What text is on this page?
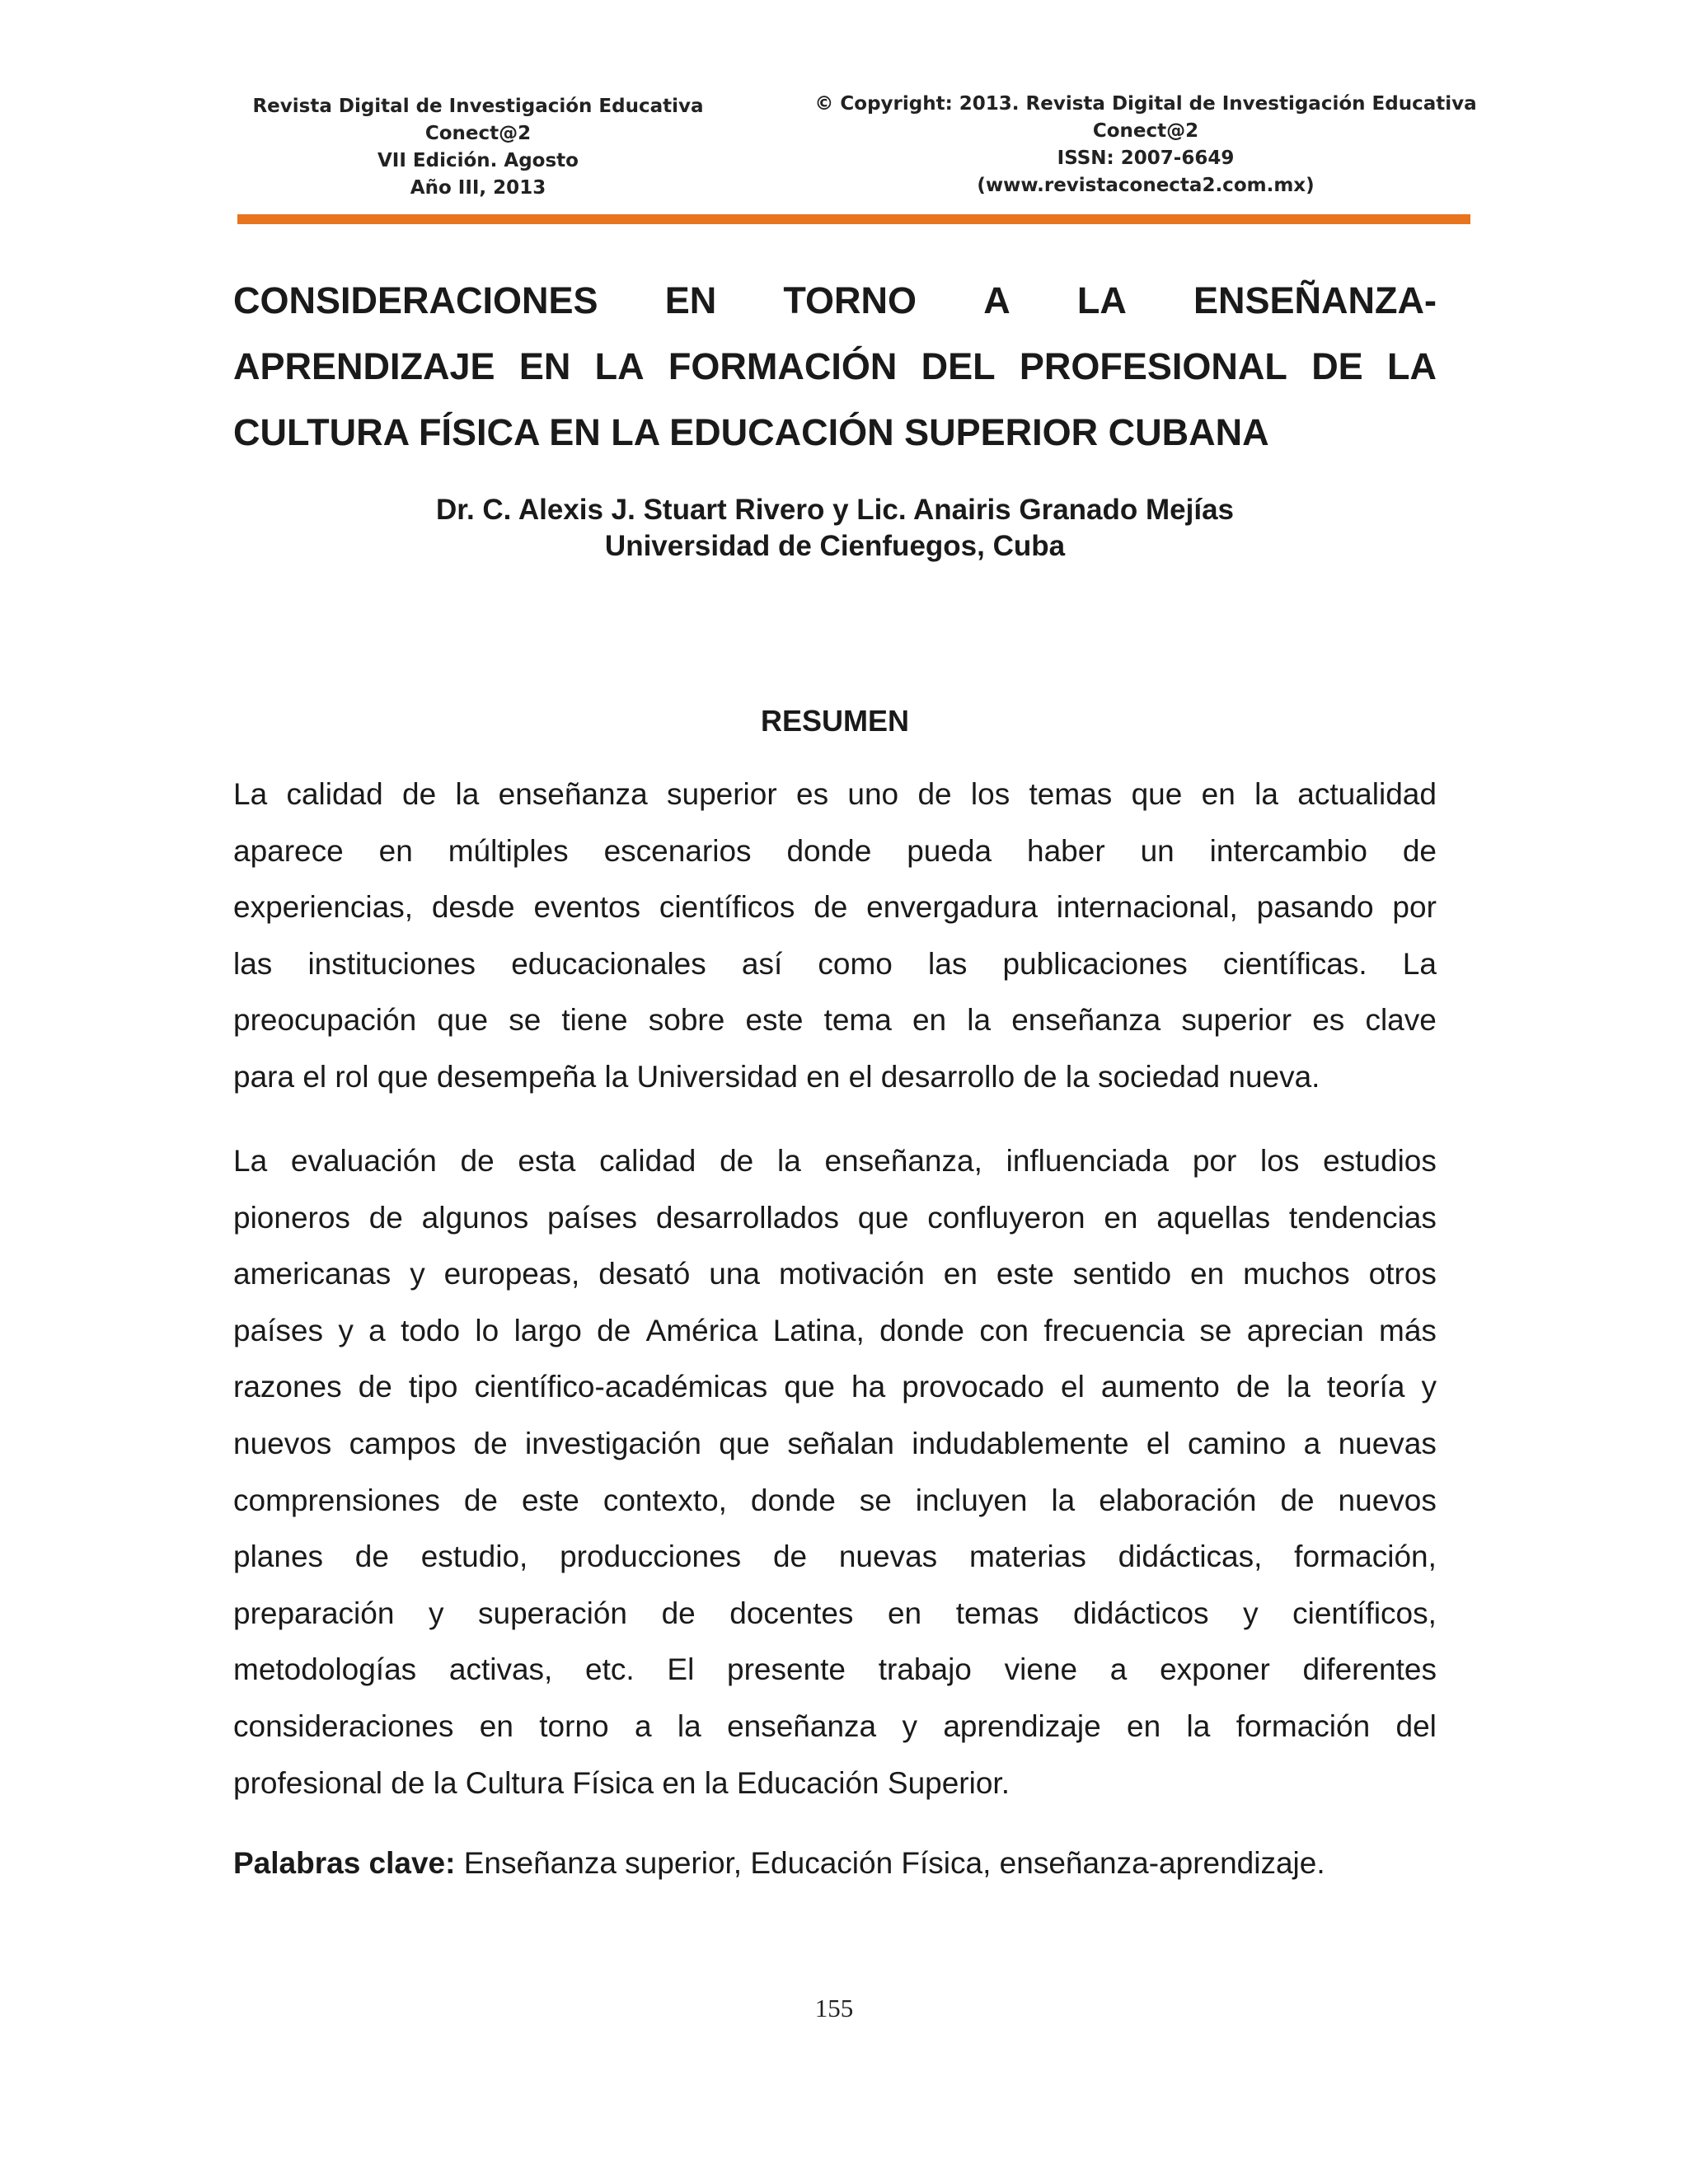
Revista Digital de Investigación Educativa
Conect@2
VII Edición. Agosto
Año III, 2013
© Copyright: 2013. Revista Digital de Investigación Educativa
Conect@2
ISSN: 2007-6649
(www.revistaconecta2.com.mx)
CONSIDERACIONES EN TORNO A LA ENSEÑANZA-
APRENDIZAJE EN LA FORMACIÓN DEL PROFESIONAL DE LA
CULTURA FÍSICA EN LA EDUCACIÓN SUPERIOR CUBANA
Dr. C. Alexis J. Stuart Rivero y Lic. Anairis Granado Mejías
Universidad de Cienfuegos, Cuba
RESUMEN
La calidad de la enseñanza superior es uno de los temas que en la actualidad
aparece en múltiples escenarios donde pueda haber un intercambio de
experiencias, desde eventos científicos de envergadura internacional, pasando por
las instituciones educacionales así como las publicaciones científicas. La
preocupación que se tiene sobre este tema en la enseñanza superior es clave
para el rol que desempeña la Universidad en el desarrollo de la sociedad nueva.
La evaluación de esta calidad de la enseñanza, influenciada por los estudios
pioneros de algunos países desarrollados que confluyeron en aquellas tendencias
americanas y europeas, desató una motivación en este sentido en muchos otros
países y a todo lo largo de América Latina, donde con frecuencia se aprecian más
razones de tipo científico-académicas que ha provocado el aumento de la teoría y
nuevos campos de investigación que señalan indudablemente el camino a nuevas
comprensiones de este contexto, donde se incluyen la elaboración de nuevos
planes de estudio, producciones de nuevas materias didácticas, formación,
preparación y superación de docentes en temas didácticos y científicos,
metodologías activas, etc. El presente trabajo viene a exponer diferentes
consideraciones en torno a la enseñanza y aprendizaje en la formación del
profesional de la Cultura Física en la Educación Superior.
Palabras clave: Enseñanza superior, Educación Física, enseñanza-aprendizaje.
155
